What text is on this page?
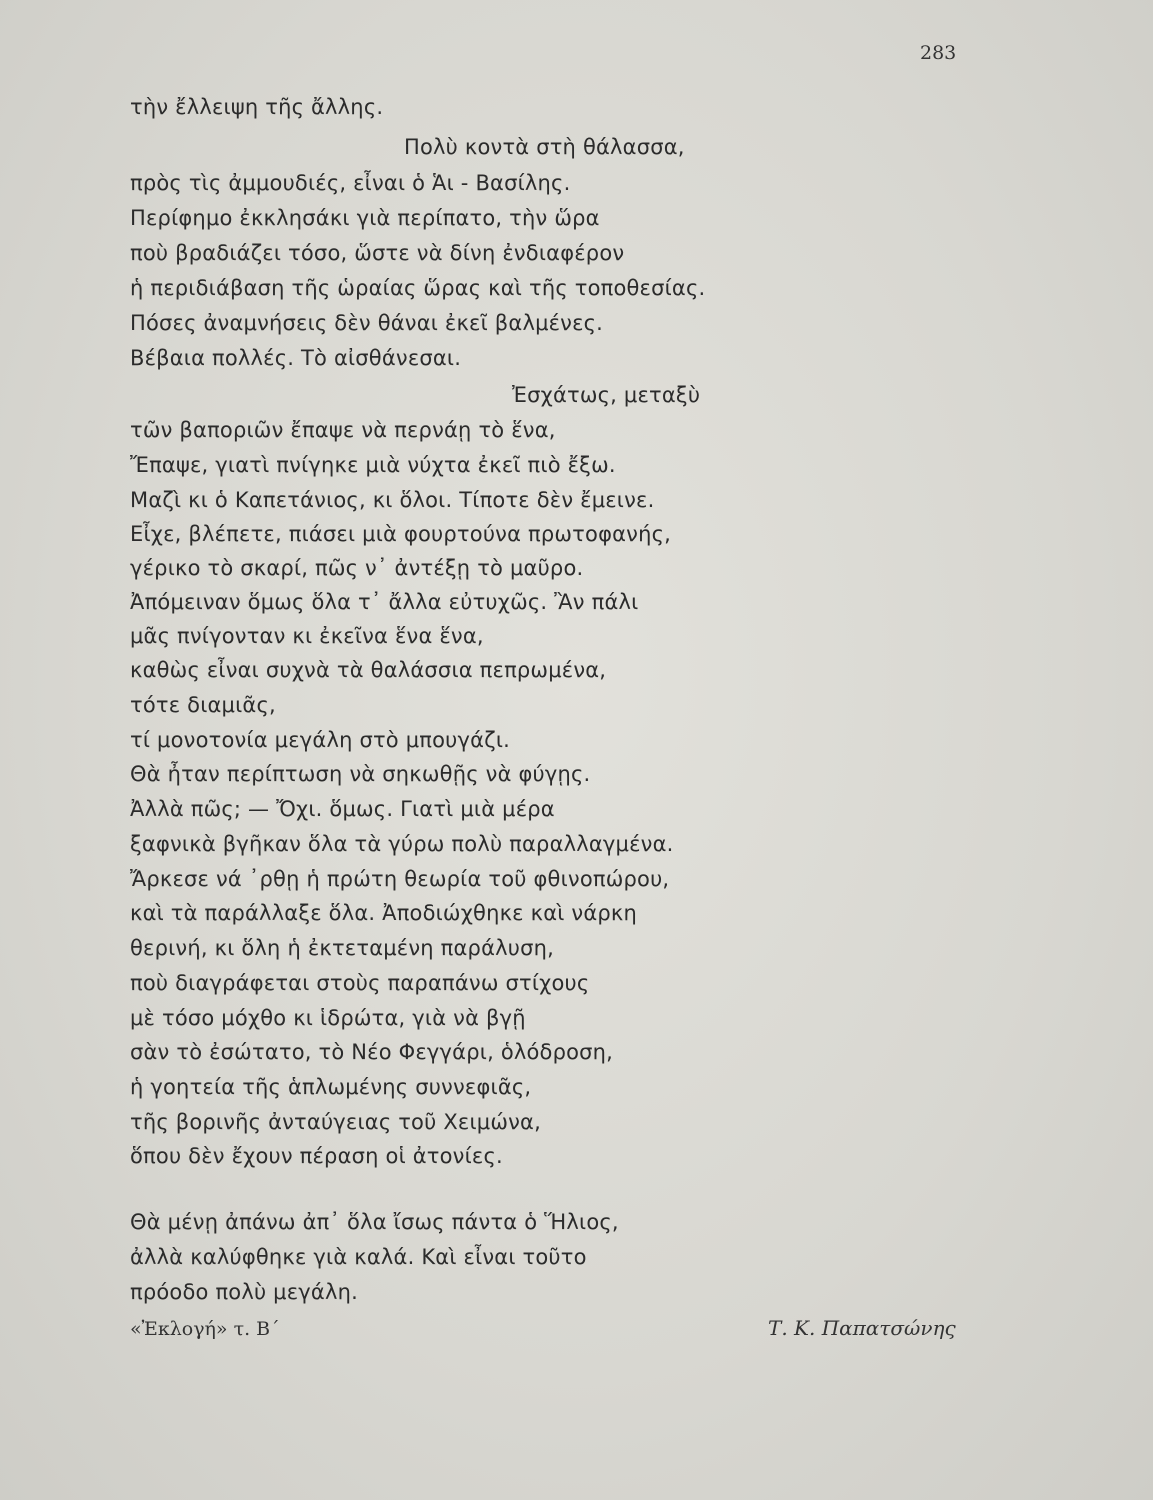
283
τὴν ἔλλειψη τῆς ἄλλης.
Πολὺ κοντὰ στὴ θάλασσα,
πρὸς τὶς ἀμμουδιές, εἶναι ὁ Ἁι - Βασίλης.
Περίφημο ἐκκλησάκι γιὰ περίπατο, τὴν ὥρα
ποὺ βραδιάζει τόσο, ὥστε νὰ δίνη ἐνδιαφέρον
ἡ περιδιάβαση τῆς ὡραίας ὥρας καὶ τῆς τοποθεσίας.
Πόσες ἀναμνήσεις δὲν θάναι ἐκεῖ βαλμένες.
Βέβαια πολλές. Τὸ αἰσθάνεσαι.
Ἐσχάτως, μεταξὺ
τῶν βαποριῶν ἔπαψε νὰ περνάῃ τὸ ἕνα,
Ἔπαψε, γιατὶ πνίγηκε μιὰ νύχτα ἐκεῖ πιὸ ἔξω.
Μαζὶ κι ὁ Καπετάνιος, κι ὅλοι. Τίποτε δὲν ἔμεινε.
Εἶχε, βλέπετε, πιάσει μιὰ φουρτούνα πρωτοφανής,
γέρικο τὸ σκαρί, πῶς ν᾿ ἀντέξῃ τὸ μαῦρο.
Ἀπόμειναν ὅμως ὅλα τ᾿ ἄλλα εὐτυχῶς. Ἂν πάλι
μᾶς πνίγονταν κι ἐκεῖνα ἕνα ἕνα,
καθὼς εἶναι συχνὰ τὰ θαλάσσια πεπρωμένα,
τότε διαμιᾶς,
τί μονοτονία μεγάλη στὸ μπουγάζι.
Θὰ ἦταν περίπτωση νὰ σηκωθῇς νὰ φύγῃς.
Ἀλλὰ πῶς; — Ὄχι. ὅμως. Γιατὶ μιὰ μέρα
ξαφνικὰ βγῆκαν ὅλα τὰ γύρω πολὺ παραλλαγμένα.
Ἄρκεσε νά ᾿ρθῃ ἡ πρώτη θεωρία τοῦ φθινοπώρου,
καὶ τὰ παράλλαξε ὅλα. Ἀποδιώχθηκε καὶ νάρκη
θερινή, κι ὅλη ἡ ἐκτεταμένη παράλυση,
ποὺ διαγράφεται στοὺς παραπάνω στίχους
μὲ τόσο μόχθο κι ἱδρώτα, γιὰ νὰ βγῇ
σὰν τὸ ἐσώτατο, τὸ Νέο Φεγγάρι, ὁλόδροση,
ἡ γοητεία τῆς ἁπλωμένης συννεφιᾶς,
τῆς βορινῆς ἀνταύγειας τοῦ Χειμώνα,
ὅπου δὲν ἔχουν πέραση οἱ ἀτονίες.
Θὰ μένῃ ἀπάνω ἀπ᾿ ὅλα ἴσως πάντα ὁ Ἥλιος,
ἀλλὰ καλύφθηκε γιὰ καλά. Καὶ εἶναι τοῦτο
πρόοδο πολὺ μεγάλη.
«Ἐκλογή» τ. Β΄	Τ. Κ. Παπατσώνης
